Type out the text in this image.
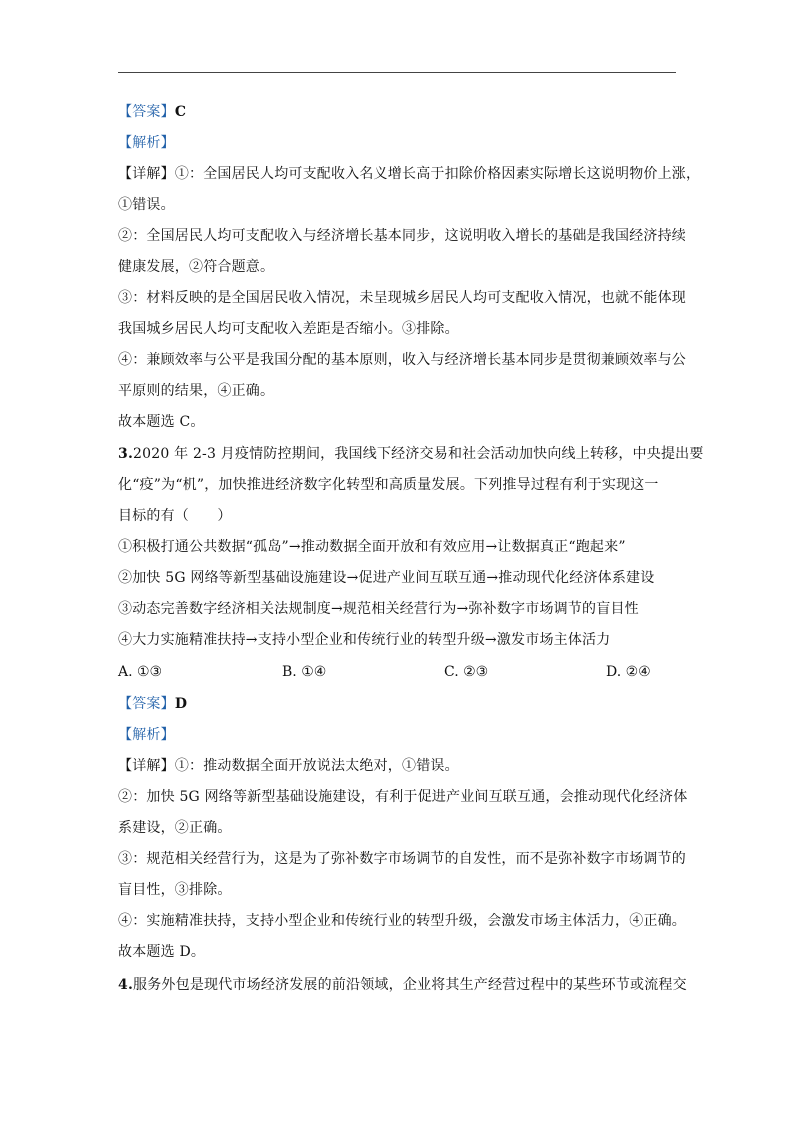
【答案】C
【解析】
【详解】①：全国居民人均可支配收入名义增长高于扣除价格因素实际增长这说明物价上涨，
①错误。
②：全国居民人均可支配收入与经济增长基本同步，这说明收入增长的基础是我国经济持续
健康发展，②符合题意。
③：材料反映的是全国居民收入情况，未呈现城乡居民人均可支配收入情况，也就不能体现
我国城乡居民人均可支配收入差距是否缩小。③排除。
④：兼顾效率与公平是我国分配的基本原则，收入与经济增长基本同步是贯彻兼顾效率与公
平原则的结果，④正确。
故本题选 C。
3.2020 年 2-3 月疫情防控期间，我国线下经济交易和社会活动加快向线上转移，中央提出要
化“疫”为“机”，加快推进经济数字化转型和高质量发展。下列推导过程有利于实现这一
目标的有（　　）
①积极打通公共数据“孤岛”→推动数据全面开放和有效应用→让数据真正“跑起来”
②加快 5G 网络等新型基础设施建设→促进产业间互联互通→推动现代化经济体系建设
③动态完善数字经济相关法规制度→规范相关经营行为→弥补数字市场调节的盲目性
④大力实施精准扶持→支持小型企业和传统行业的转型升级→激发市场主体活力
A. ①③	B. ①④	C. ②③	D. ②④
【答案】D
【解析】
【详解】①：推动数据全面开放说法太绝对，①错误。
②：加快 5G 网络等新型基础设施建设，有利于促进产业间互联互通，会推动现代化经济体
系建设，②正确。
③：规范相关经营行为，这是为了弥补数字市场调节的自发性，而不是弥补数字市场调节的
盲目性，③排除。
④：实施精准扶持，支持小型企业和传统行业的转型升级，会激发市场主体活力，④正确。
故本题选 D。
4.服务外包是现代市场经济发展的前沿领域，企业将其生产经营过程中的某些环节或流程交
